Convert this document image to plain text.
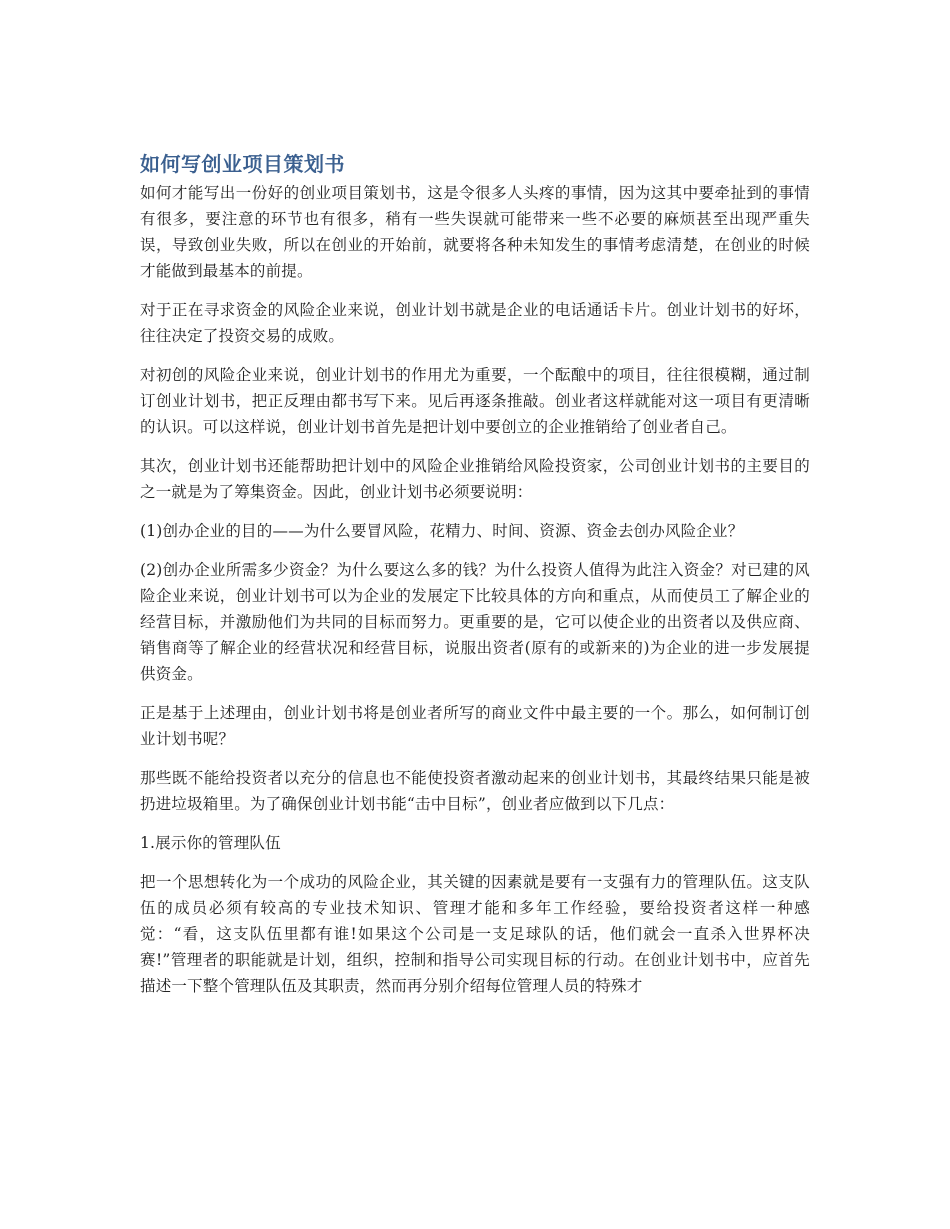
如何写创业项目策划书

如何才能写出一份好的创业项目策划书，这是令很多人头疼的事情，因为这其中要牵扯到的事情有很多，要注意的环节也有很多，稍有一些失误就可能带来一些不必要的麻烦甚至出现严重失误，导致创业失败，所以在创业的开始前，就要将各种未知发生的事情考虑清楚，在创业的时候才能做到最基本的前提。

对于正在寻求资金的风险企业来说，创业计划书就是企业的电话通话卡片。创业计划书的好坏，往往决定了投资交易的成败。

对初创的风险企业来说，创业计划书的作用尤为重要，一个酝酿中的项目，往往很模糊，通过制订创业计划书，把正反理由都书写下来。见后再逐条推敲。创业者这样就能对这一项目有更清晰的认识。可以这样说，创业计划书首先是把计划中要创立的企业推销给了创业者自己。

其次，创业计划书还能帮助把计划中的风险企业推销给风险投资家，公司创业计划书的主要目的之一就是为了筹集资金。因此，创业计划书必须要说明：

(1)创办企业的目的——为什么要冒风险，花精力、时间、资源、资金去创办风险企业？

(2)创办企业所需多少资金？为什么要这么多的钱？为什么投资人值得为此注入资金？对已建的风险企业来说，创业计划书可以为企业的发展定下比较具体的方向和重点，从而使员工了解企业的经营目标，并激励他们为共同的目标而努力。更重要的是，它可以使企业的出资者以及供应商、销售商等了解企业的经营状况和经营目标，说服出资者(原有的或新来的)为企业的进一步发展提供资金。

正是基于上述理由，创业计划书将是创业者所写的商业文件中最主要的一个。那么，如何制订创业计划书呢？

那些既不能给投资者以充分的信息也不能使投资者激动起来的创业计划书，其最终结果只能是被扔进垃圾箱里。为了确保创业计划书能“击中目标”，创业者应做到以下几点：

1.展示你的管理队伍

把一个思想转化为一个成功的风险企业，其关键的因素就是要有一支强有力的管理队伍。这支队伍的成员必须有较高的专业技术知识、管理才能和多年工作经验，要给投资者这样一种感觉：“看，这支队伍里都有谁!如果这个公司是一支足球队的话，他们就会一直杀入世界杯决赛!”管理者的职能就是计划，组织，控制和指导公司实现目标的行动。在创业计划书中，应首先描述一下整个管理队伍及其职责，然而再分别介绍每位管理人员的特殊才
